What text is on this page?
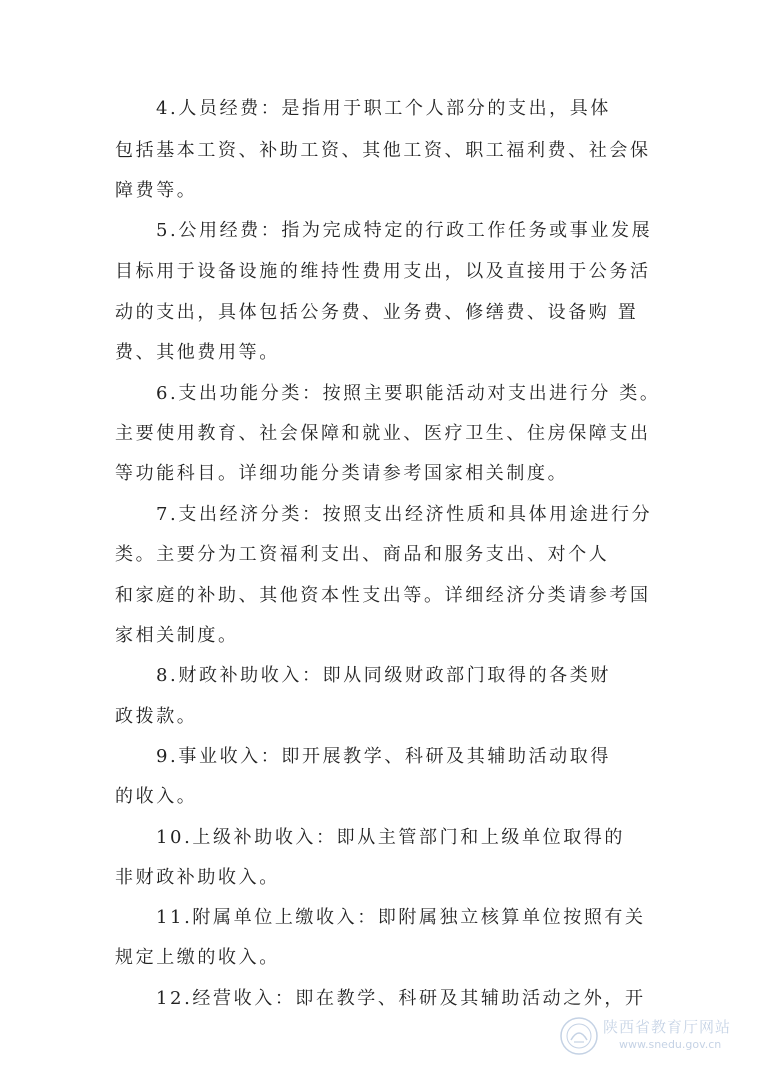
4.人员经费：是指用于职工个人部分的支出，具体
包括基本工资、补助工资、其他工资、职工福利费、社会保
障费等。
5.公用经费：指为完成特定的行政工作任务或事业发展
目标用于设备设施的维持性费用支出，以及直接用于公务活
动的支出，具体包括公务费、业务费、修缮费、设备购 置
费、其他费用等。
6.支出功能分类：按照主要职能活动对支出进行分 类。
主要使用教育、社会保障和就业、医疗卫生、住房保障支出
等功能科目。详细功能分类请参考国家相关制度。
7.支出经济分类：按照支出经济性质和具体用途进行分
类。主要分为工资福利支出、商品和服务支出、对个人
和家庭的补助、其他资本性支出等。详细经济分类请参考国
家相关制度。
8.财政补助收入：即从同级财政部门取得的各类财
政拨款。
9.事业收入：即开展教学、科研及其辅助活动取得
的收入。
10.上级补助收入：即从主管部门和上级单位取得的
非财政补助收入。
11.附属单位上缴收入：即附属独立核算单位按照有关
规定上缴的收入。
12.经营收入：即在教学、科研及其辅助活动之外，开
陕西省教育厅网站
www.snedu.gov.cn
